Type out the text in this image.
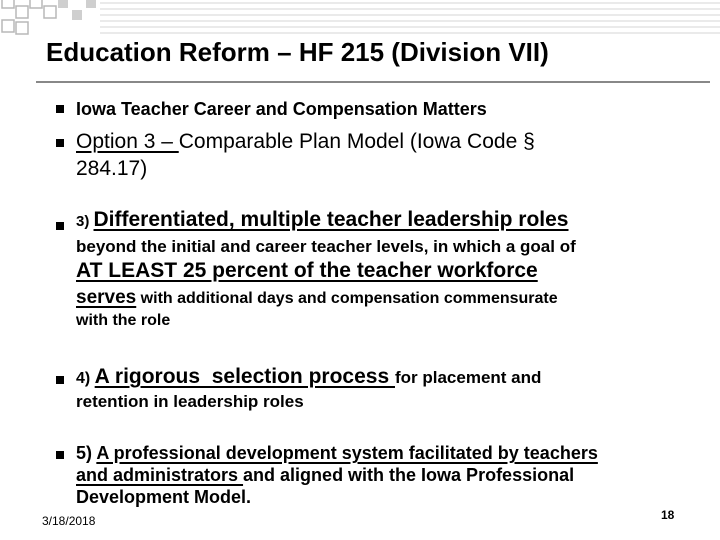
Education Reform – HF 215 (Division VII)
Iowa Teacher Career and Compensation Matters
Option 3 – Comparable Plan Model (Iowa Code §
284.17)
3) Differentiated, multiple teacher leadership roles
beyond the initial and career teacher levels, in which a goal of
AT LEAST 25 percent of the teacher workforce
serves with additional days and compensation commensurate
with the role
4) A rigorous  selection process for placement and
retention in leadership roles
5) A professional development system facilitated by teachers
and administrators and aligned with the Iowa Professional
Development Model.
3/18/2018	18
